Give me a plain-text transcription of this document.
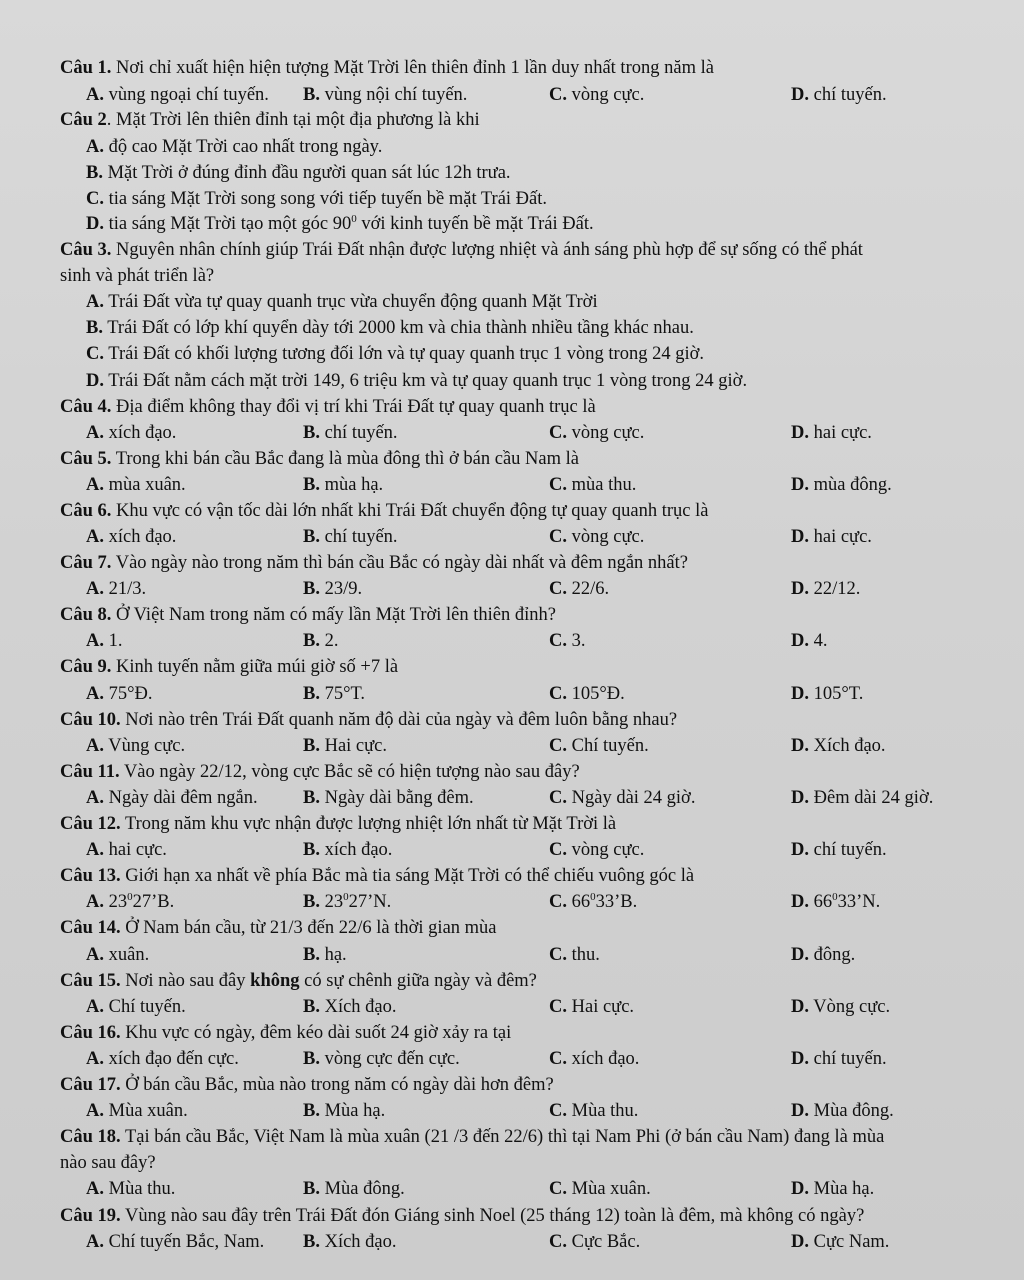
Câu 1. Nơi chỉ xuất hiện hiện tượng Mặt Trời lên thiên đỉnh 1 lần duy nhất trong năm là
A. vùng ngoại chí tuyến. B. vùng nội chí tuyến.	C. vòng cực.	D. chí tuyến.
Câu 2. Mặt Trời lên thiên đỉnh tại một địa phương là khi
A. độ cao Mặt Trời cao nhất trong ngày.
B. Mặt Trời ở đúng đỉnh đầu người quan sát lúc 12h trưa.
C. tia sáng Mặt Trời song song với tiếp tuyến bề mặt Trái Đất.
D. tia sáng Mặt Trời tạo một góc $90^0$ với kinh tuyến bề mặt Trái Đất.
Câu 3. Nguyên nhân chính giúp Trái Đất nhận được lượng nhiệt và ánh sáng phù hợp để sự sống có thể phát
sinh và phát triển là?
A. Trái Đất vừa tự quay quanh trục vừa chuyển động quanh Mặt Trời
B. Trái Đất có lớp khí quyển dày tới 2000 km và chia thành nhiều tầng khác nhau.
C. Trái Đất có khối lượng tương đối lớn và tự quay quanh trục 1 vòng trong 24 giờ.
D. Trái Đất nằm cách mặt trời 149, 6 triệu km và tự quay quanh trục 1 vòng trong 24 giờ.
Câu 4. Địa điểm không thay đổi vị trí khi Trái Đất tự quay quanh trục là
A. xích đạo.	B. chí tuyến.	C. vòng cực.	D. hai cực.
Câu 5. Trong khi bán cầu Bắc đang là mùa đông thì ở bán cầu Nam là
A. mùa xuân.	B. mùa hạ.	C. mùa thu.	D. mùa đông.
Câu 6. Khu vực có vận tốc dài lớn nhất khi Trái Đất chuyển động tự quay quanh trục là
A. xích đạo.	B. chí tuyến.	C. vòng cực.	D. hai cực.
Câu 7. Vào ngày nào trong năm thì bán cầu Bắc có ngày dài nhất và đêm ngắn nhất?
A. 21/3.	B. 23/9.	C. 22/6.	D. 22/12.
Câu 8. Ở Việt Nam trong năm có mấy lần Mặt Trời lên thiên đỉnh?
A. 1.	B. 2.	C. 3.	D. 4.
Câu 9. Kinh tuyến nằm giữa múi giờ số +7 là
A. 75°Đ.	B. 75°T.	C. 105°Đ.	D. 105°T.
Câu 10. Nơi nào trên Trái Đất quanh năm độ dài của ngày và đêm luôn bằng nhau?
A. Vùng cực.	B. Hai cực.	C. Chí tuyến.	D. Xích đạo.
Câu 11. Vào ngày 22/12, vòng cực Bắc sẽ có hiện tượng nào sau đây?
A. Ngày dài đêm ngắn. B. Ngày dài bằng đêm.	C. Ngày dài 24 giờ.	D. Đêm dài 24 giờ.
Câu 12. Trong năm khu vực nhận được lượng nhiệt lớn nhất từ Mặt Trời là
A. hai cực.	B. xích đạo.	C. vòng cực.	D. chí tuyến.
Câu 13. Giới hạn xa nhất về phía Bắc mà tia sáng Mặt Trời có thể chiếu vuông góc là
A. $23^027’B$.	B. $23^027’N$.	C. $66^033’B$.	D. $66^033’N$.
Câu 14. Ở Nam bán cầu, từ 21/3 đến 22/6 là thời gian mùa
A. xuân.	B. hạ.	C. thu.	D. đông.
Câu 15. Nơi nào sau đây không có sự chênh giữa ngày và đêm?
A. Chí tuyến.	B. Xích đạo.	C. Hai cực.	D. Vòng cực.
Câu 16. Khu vực có ngày, đêm kéo dài suốt 24 giờ xảy ra tại
A. xích đạo đến cực.	B. vòng cực đến cực.	C. xích đạo.	D. chí tuyến.
Câu 17. Ở bán cầu Bắc, mùa nào trong năm có ngày dài hơn đêm?
A. Mùa xuân.	B. Mùa hạ.	C. Mùa thu.	D. Mùa đông.
Câu 18. Tại bán cầu Bắc, Việt Nam là mùa xuân (21 /3 đến 22/6) thì tại Nam Phi (ở bán cầu Nam) đang là mùa
nào sau đây?
A. Mùa thu.	B. Mùa đông.	C. Mùa xuân.	D. Mùa hạ.
Câu 19. Vùng nào sau đây trên Trái Đất đón Giáng sinh Noel (25 tháng 12) toàn là đêm, mà không có ngày?
A. Chí tuyến Bắc, Nam. B. Xích đạo.	C. Cực Bắc.	D. Cực Nam.
